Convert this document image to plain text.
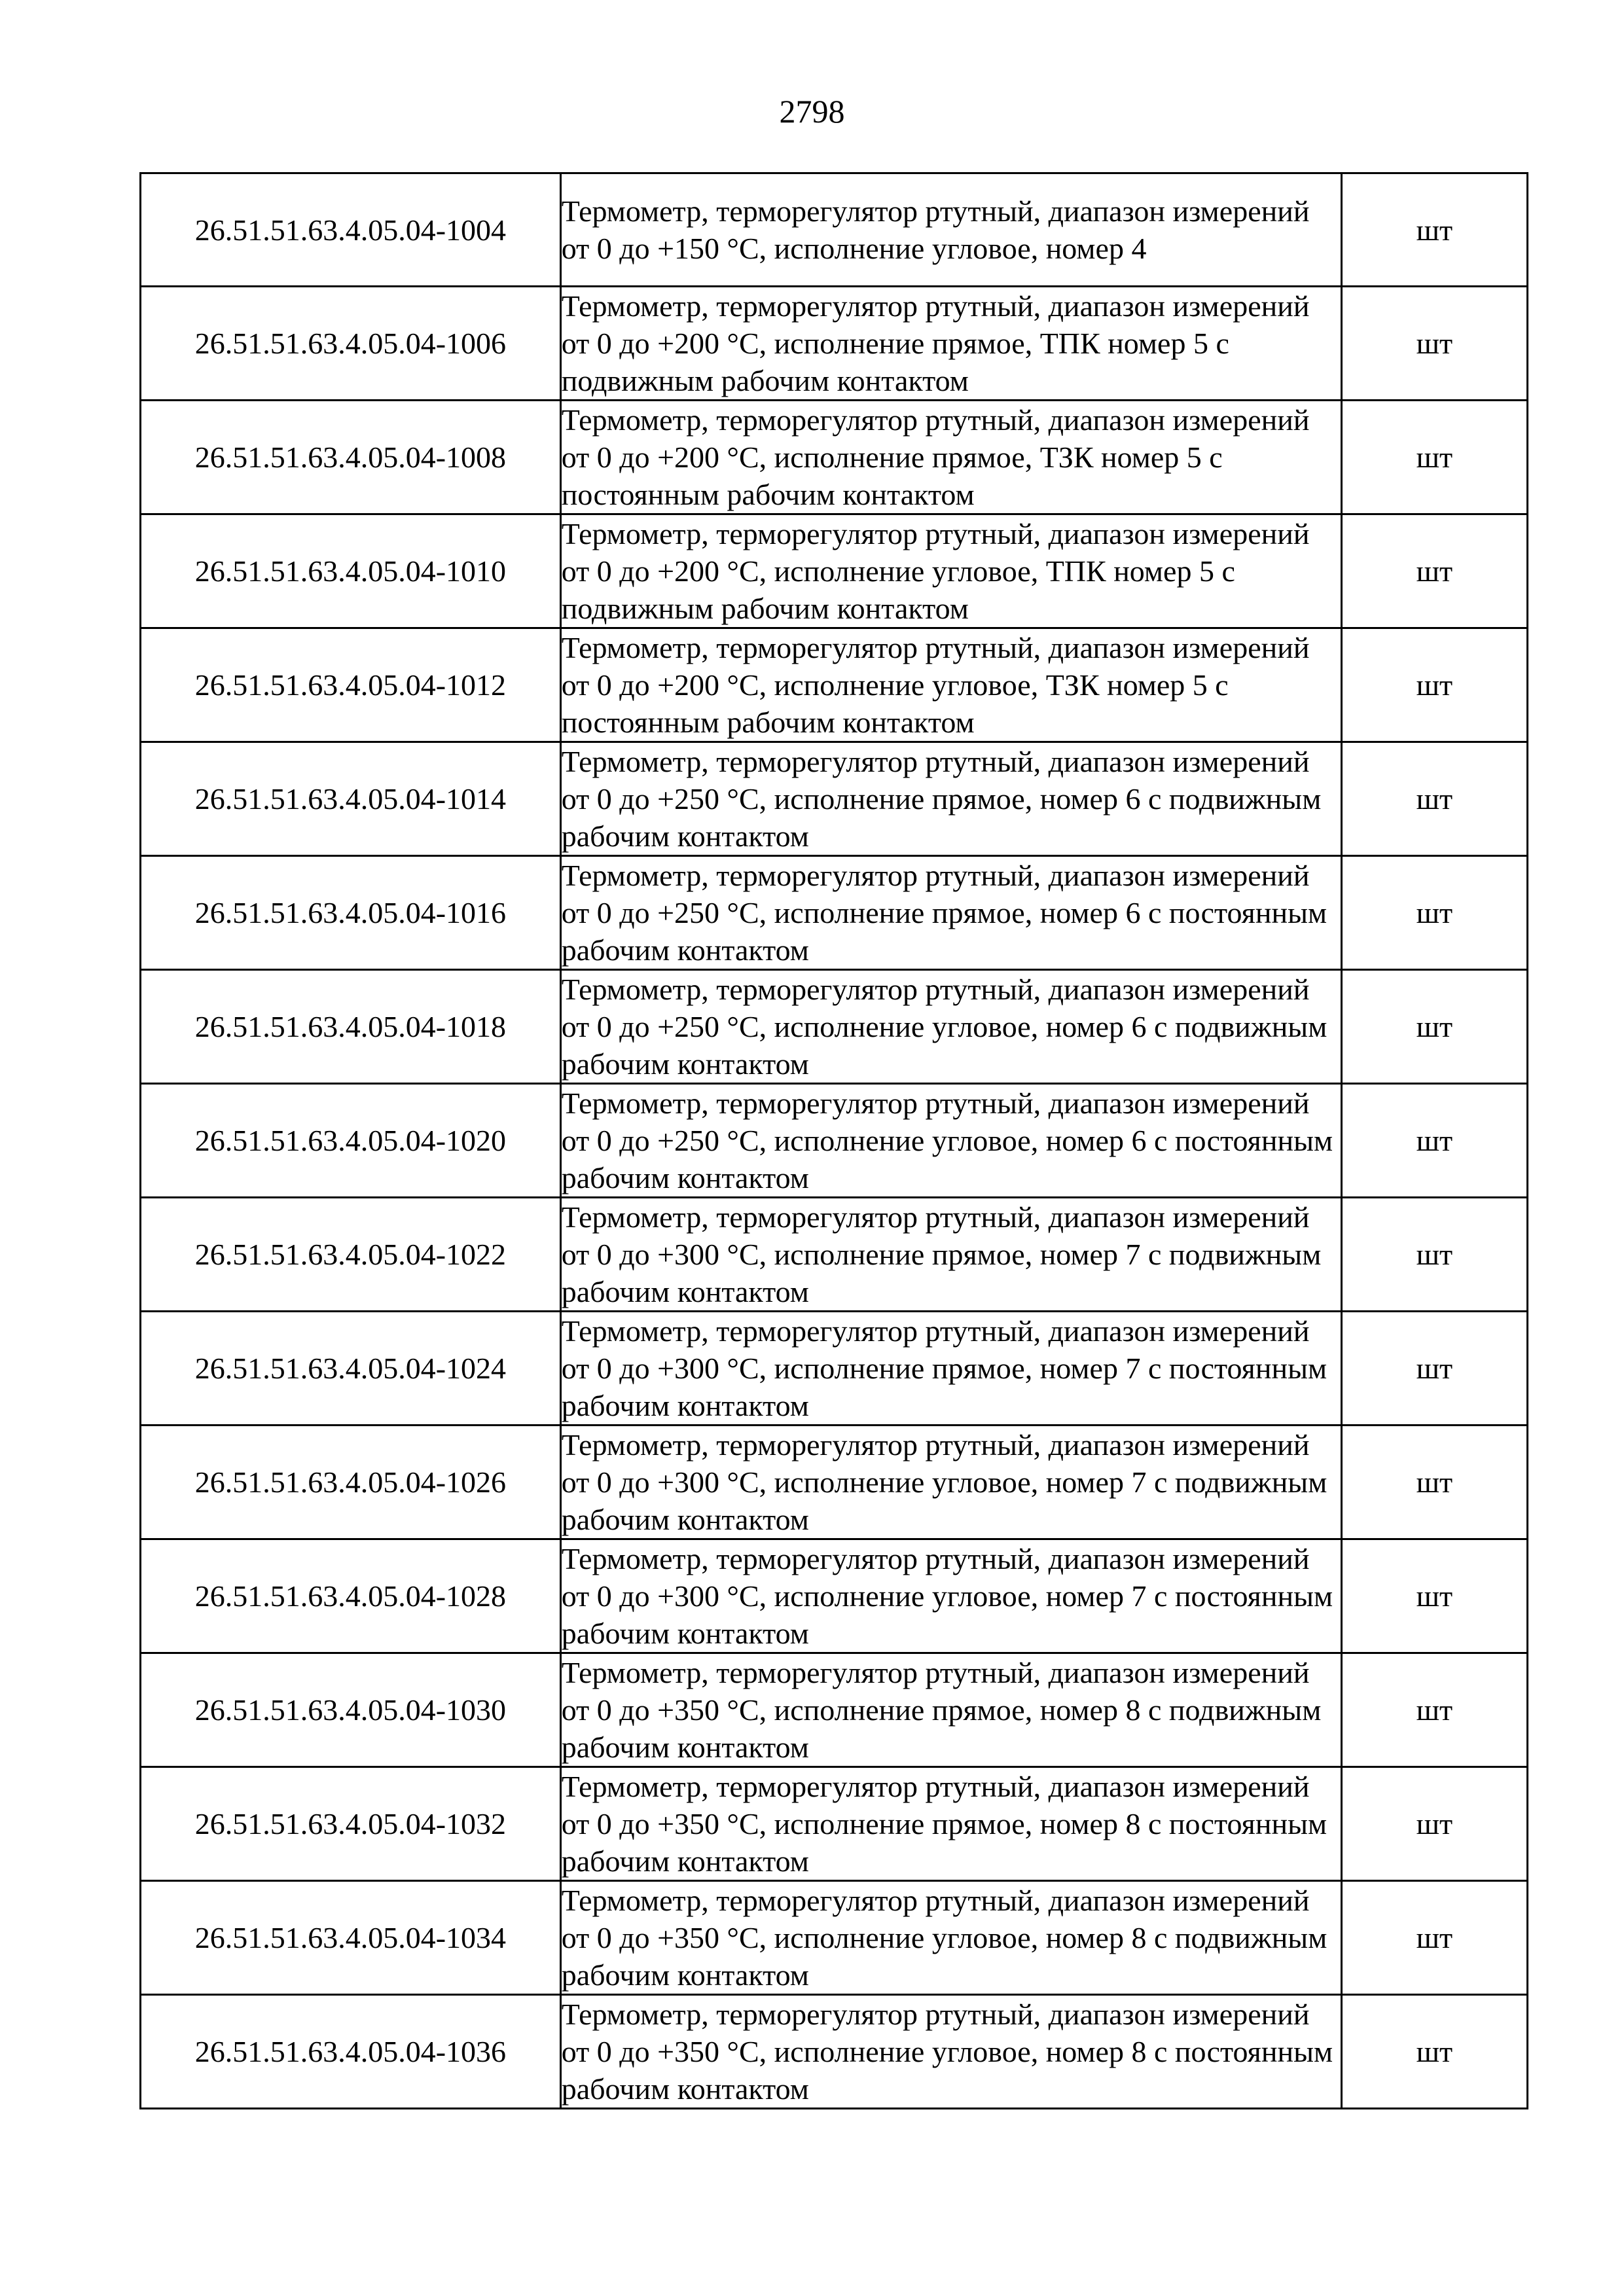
2798
26.51.51.63.4.05.04-1004	Термометр, терморегулятор ртутный, диапазон измерений от 0 до +150 °С, исполнение угловое, номер 4	шт
26.51.51.63.4.05.04-1006	Термометр, терморегулятор ртутный, диапазон измерений от 0 до +200 °С, исполнение прямое, ТПК номер 5 с подвижным рабочим контактом	шт
26.51.51.63.4.05.04-1008	Термометр, терморегулятор ртутный, диапазон измерений от 0 до +200 °С, исполнение прямое, ТЗК номер 5 с постоянным рабочим контактом	шт
26.51.51.63.4.05.04-1010	Термометр, терморегулятор ртутный, диапазон измерений от 0 до +200 °С, исполнение угловое, ТПК номер 5 с подвижным рабочим контактом	шт
26.51.51.63.4.05.04-1012	Термометр, терморегулятор ртутный, диапазон измерений от 0 до +200 °С, исполнение угловое, ТЗК номер 5 с постоянным рабочим контактом	шт
26.51.51.63.4.05.04-1014	Термометр, терморегулятор ртутный, диапазон измерений от 0 до +250 °С, исполнение прямое, номер 6 с подвижным рабочим контактом	шт
26.51.51.63.4.05.04-1016	Термометр, терморегулятор ртутный, диапазон измерений от 0 до +250 °С, исполнение прямое, номер 6 с постоянным рабочим контактом	шт
26.51.51.63.4.05.04-1018	Термометр, терморегулятор ртутный, диапазон измерений от 0 до +250 °С, исполнение угловое, номер 6 с подвижным рабочим контактом	шт
26.51.51.63.4.05.04-1020	Термометр, терморегулятор ртутный, диапазон измерений от 0 до +250 °С, исполнение угловое, номер 6 с постоянным рабочим контактом	шт
26.51.51.63.4.05.04-1022	Термометр, терморегулятор ртутный, диапазон измерений от 0 до +300 °С, исполнение прямое, номер 7 с подвижным рабочим контактом	шт
26.51.51.63.4.05.04-1024	Термометр, терморегулятор ртутный, диапазон измерений от 0 до +300 °С, исполнение прямое, номер 7 с постоянным рабочим контактом	шт
26.51.51.63.4.05.04-1026	Термометр, терморегулятор ртутный, диапазон измерений от 0 до +300 °С, исполнение угловое, номер 7 с подвижным рабочим контактом	шт
26.51.51.63.4.05.04-1028	Термометр, терморегулятор ртутный, диапазон измерений от 0 до +300 °С, исполнение угловое, номер 7 с постоянным рабочим контактом	шт
26.51.51.63.4.05.04-1030	Термометр, терморегулятор ртутный, диапазон измерений от 0 до +350 °С, исполнение прямое, номер 8 с подвижным рабочим контактом	шт
26.51.51.63.4.05.04-1032	Термометр, терморегулятор ртутный, диапазон измерений от 0 до +350 °С, исполнение прямое, номер 8 с постоянным рабочим контактом	шт
26.51.51.63.4.05.04-1034	Термометр, терморегулятор ртутный, диапазон измерений от 0 до +350 °С, исполнение угловое, номер 8 с подвижным рабочим контактом	шт
26.51.51.63.4.05.04-1036	Термометр, терморегулятор ртутный, диапазон измерений от 0 до +350 °С, исполнение угловое, номер 8 с постоянным рабочим контактом	шт
